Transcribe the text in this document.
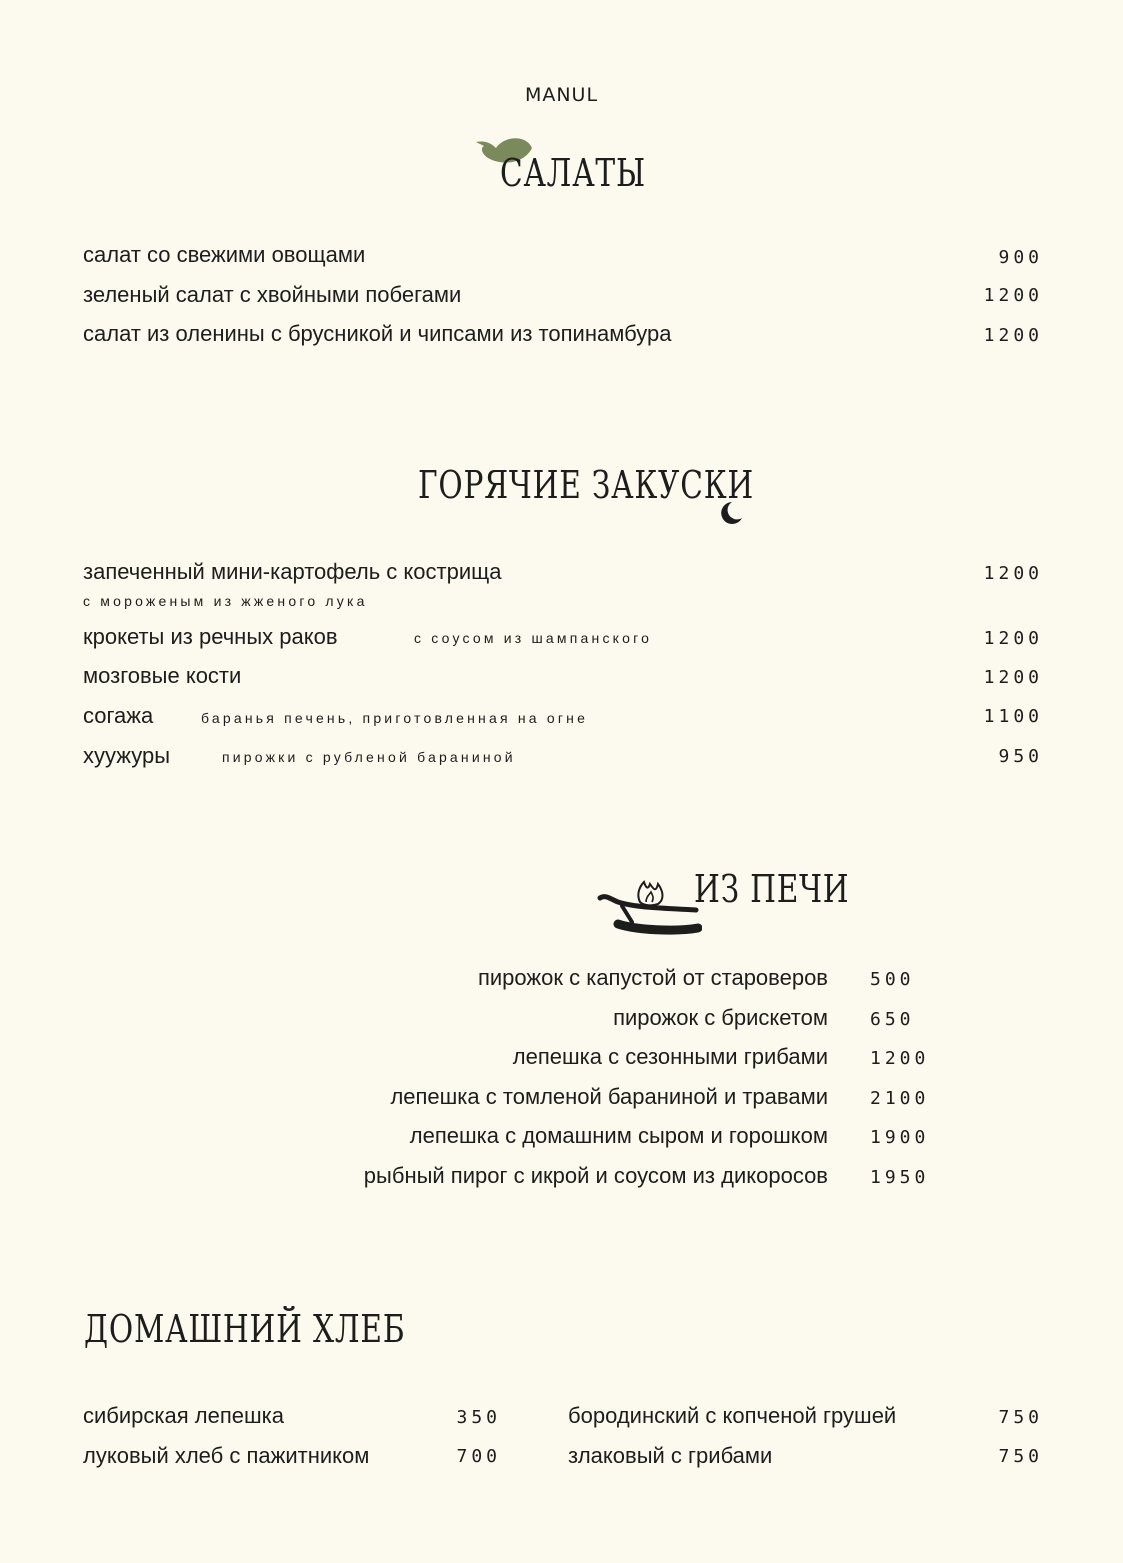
MANUL
САЛАТЫ
салат со свежими овощами	900
зеленый салат с хвойными побегами	1200
салат из оленины с брусникой и чипсами из топинамбура	1200
ГОРЯЧИЕ ЗАКУСКИ
запеченный мини-картофель с кострища	1200
с мороженым из жженого лука
крокеты из речных раков	с соусом из шампанского	1200
мозговые кости	1200
согажа	баранья печень, приготовленная на огне	1100
хуужуры	пирожки с рубленой бараниной	950
ИЗ ПЕЧИ
пирожок с капустой от староверов 500
пирожок с брискетом 650
лепешка с сезонными грибами 1200
лепешка с томленой бараниной и травами 2100
лепешка с домашним сыром и горошком 1900
рыбный пирог с икрой и соусом из дикоросов 1950
ДОМАШНИЙ ХЛЕБ
сибирская лепешка	350	бородинский с копченой грушей	750
луковый хлеб с пажитником	700	злаковый с грибами	750
